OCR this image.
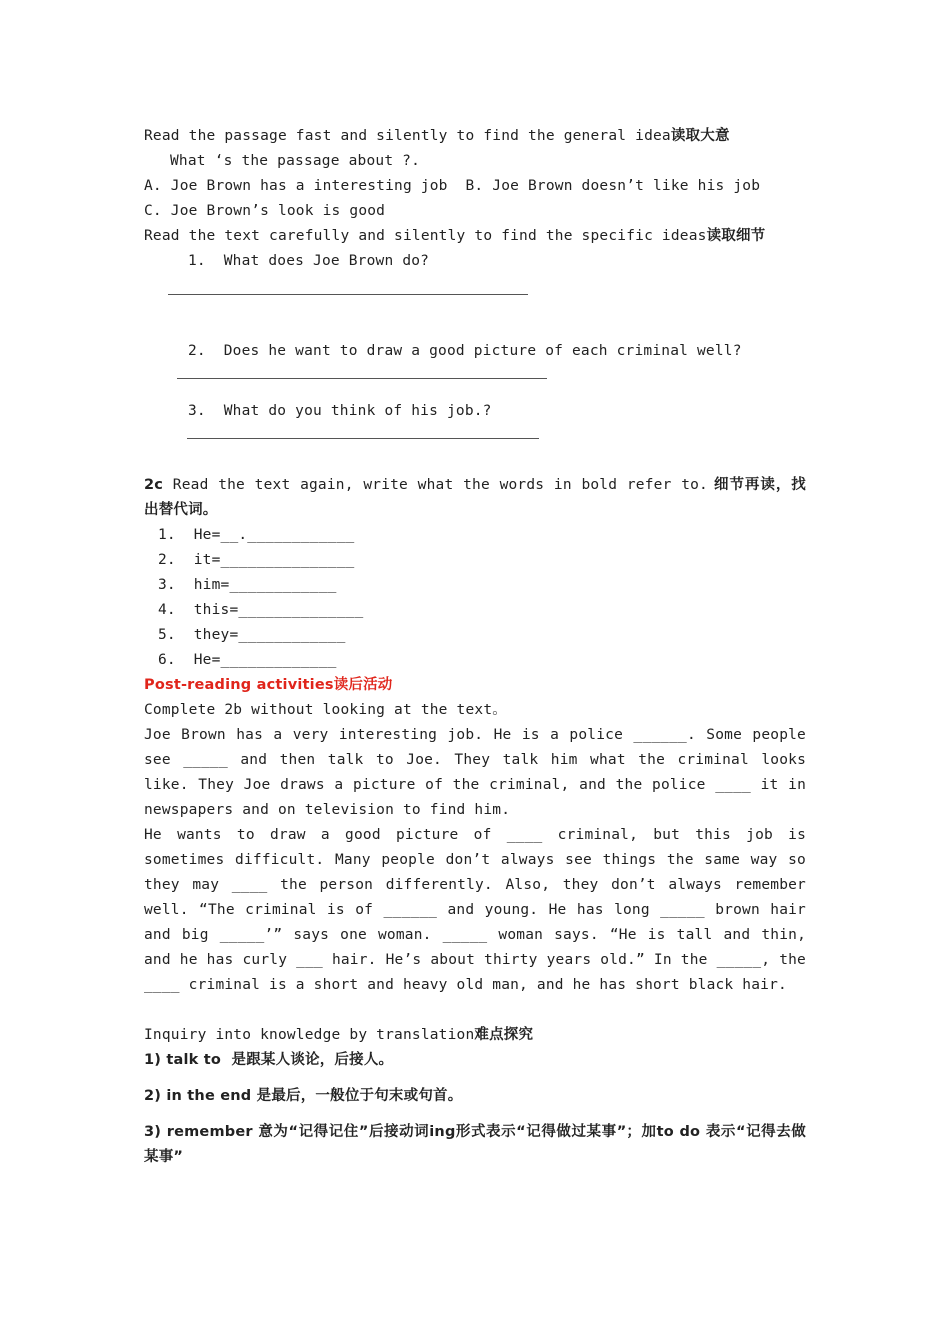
Read the passage fast and silently to find the general idea读取大意
What ‘s the passage about ?.
A. Joe Brown has a interesting job  B. Joe Brown doesn’t like his job
C. Joe Brown’s look is good
Read the text carefully and silently to find the specific ideas读取细节
1.  What does Joe Brown do?
2.  Does he want to draw a good picture of each criminal well?
3.  What do you think of his job.?
2c Read the text again, write what the words in bold refer to. 细节再读，找出替代词。
1.  He=__.____________
2.  it=_______________
3.  him=____________
4.  this=______________
5.  they=____________
6.  He=_____________
Post-reading activities读后活动
Complete 2b without looking at the text。
Joe Brown has a very interesting job. He is a police ______. Some people see _____ and then talk to Joe. They talk him what the criminal looks like. They Joe draws a picture of the criminal, and the police ____ it in newspapers and on television to find him.
He wants to draw a good picture of ____ criminal, but this job is sometimes difficult. Many people don’t always see things the same way so they may ____ the person differently. Also, they don’t always remember well. “The criminal is of ______ and young. He has long _____ brown hair and big _____’” says one woman. _____ woman says. “He is tall and thin, and he has curly ___ hair. He’s about thirty years old.” In the _____, the ____ criminal is a short and heavy old man, and he has short black hair.
Inquiry into knowledge by translation难点探究
1) talk to  是跟某人谈论，后接人。
2) in the end 是最后，一般位于句末或句首。
3) remember 意为“记得记住”后接动词ing形式表示“记得做过某事”；加to do 表示“记得去做某事”
